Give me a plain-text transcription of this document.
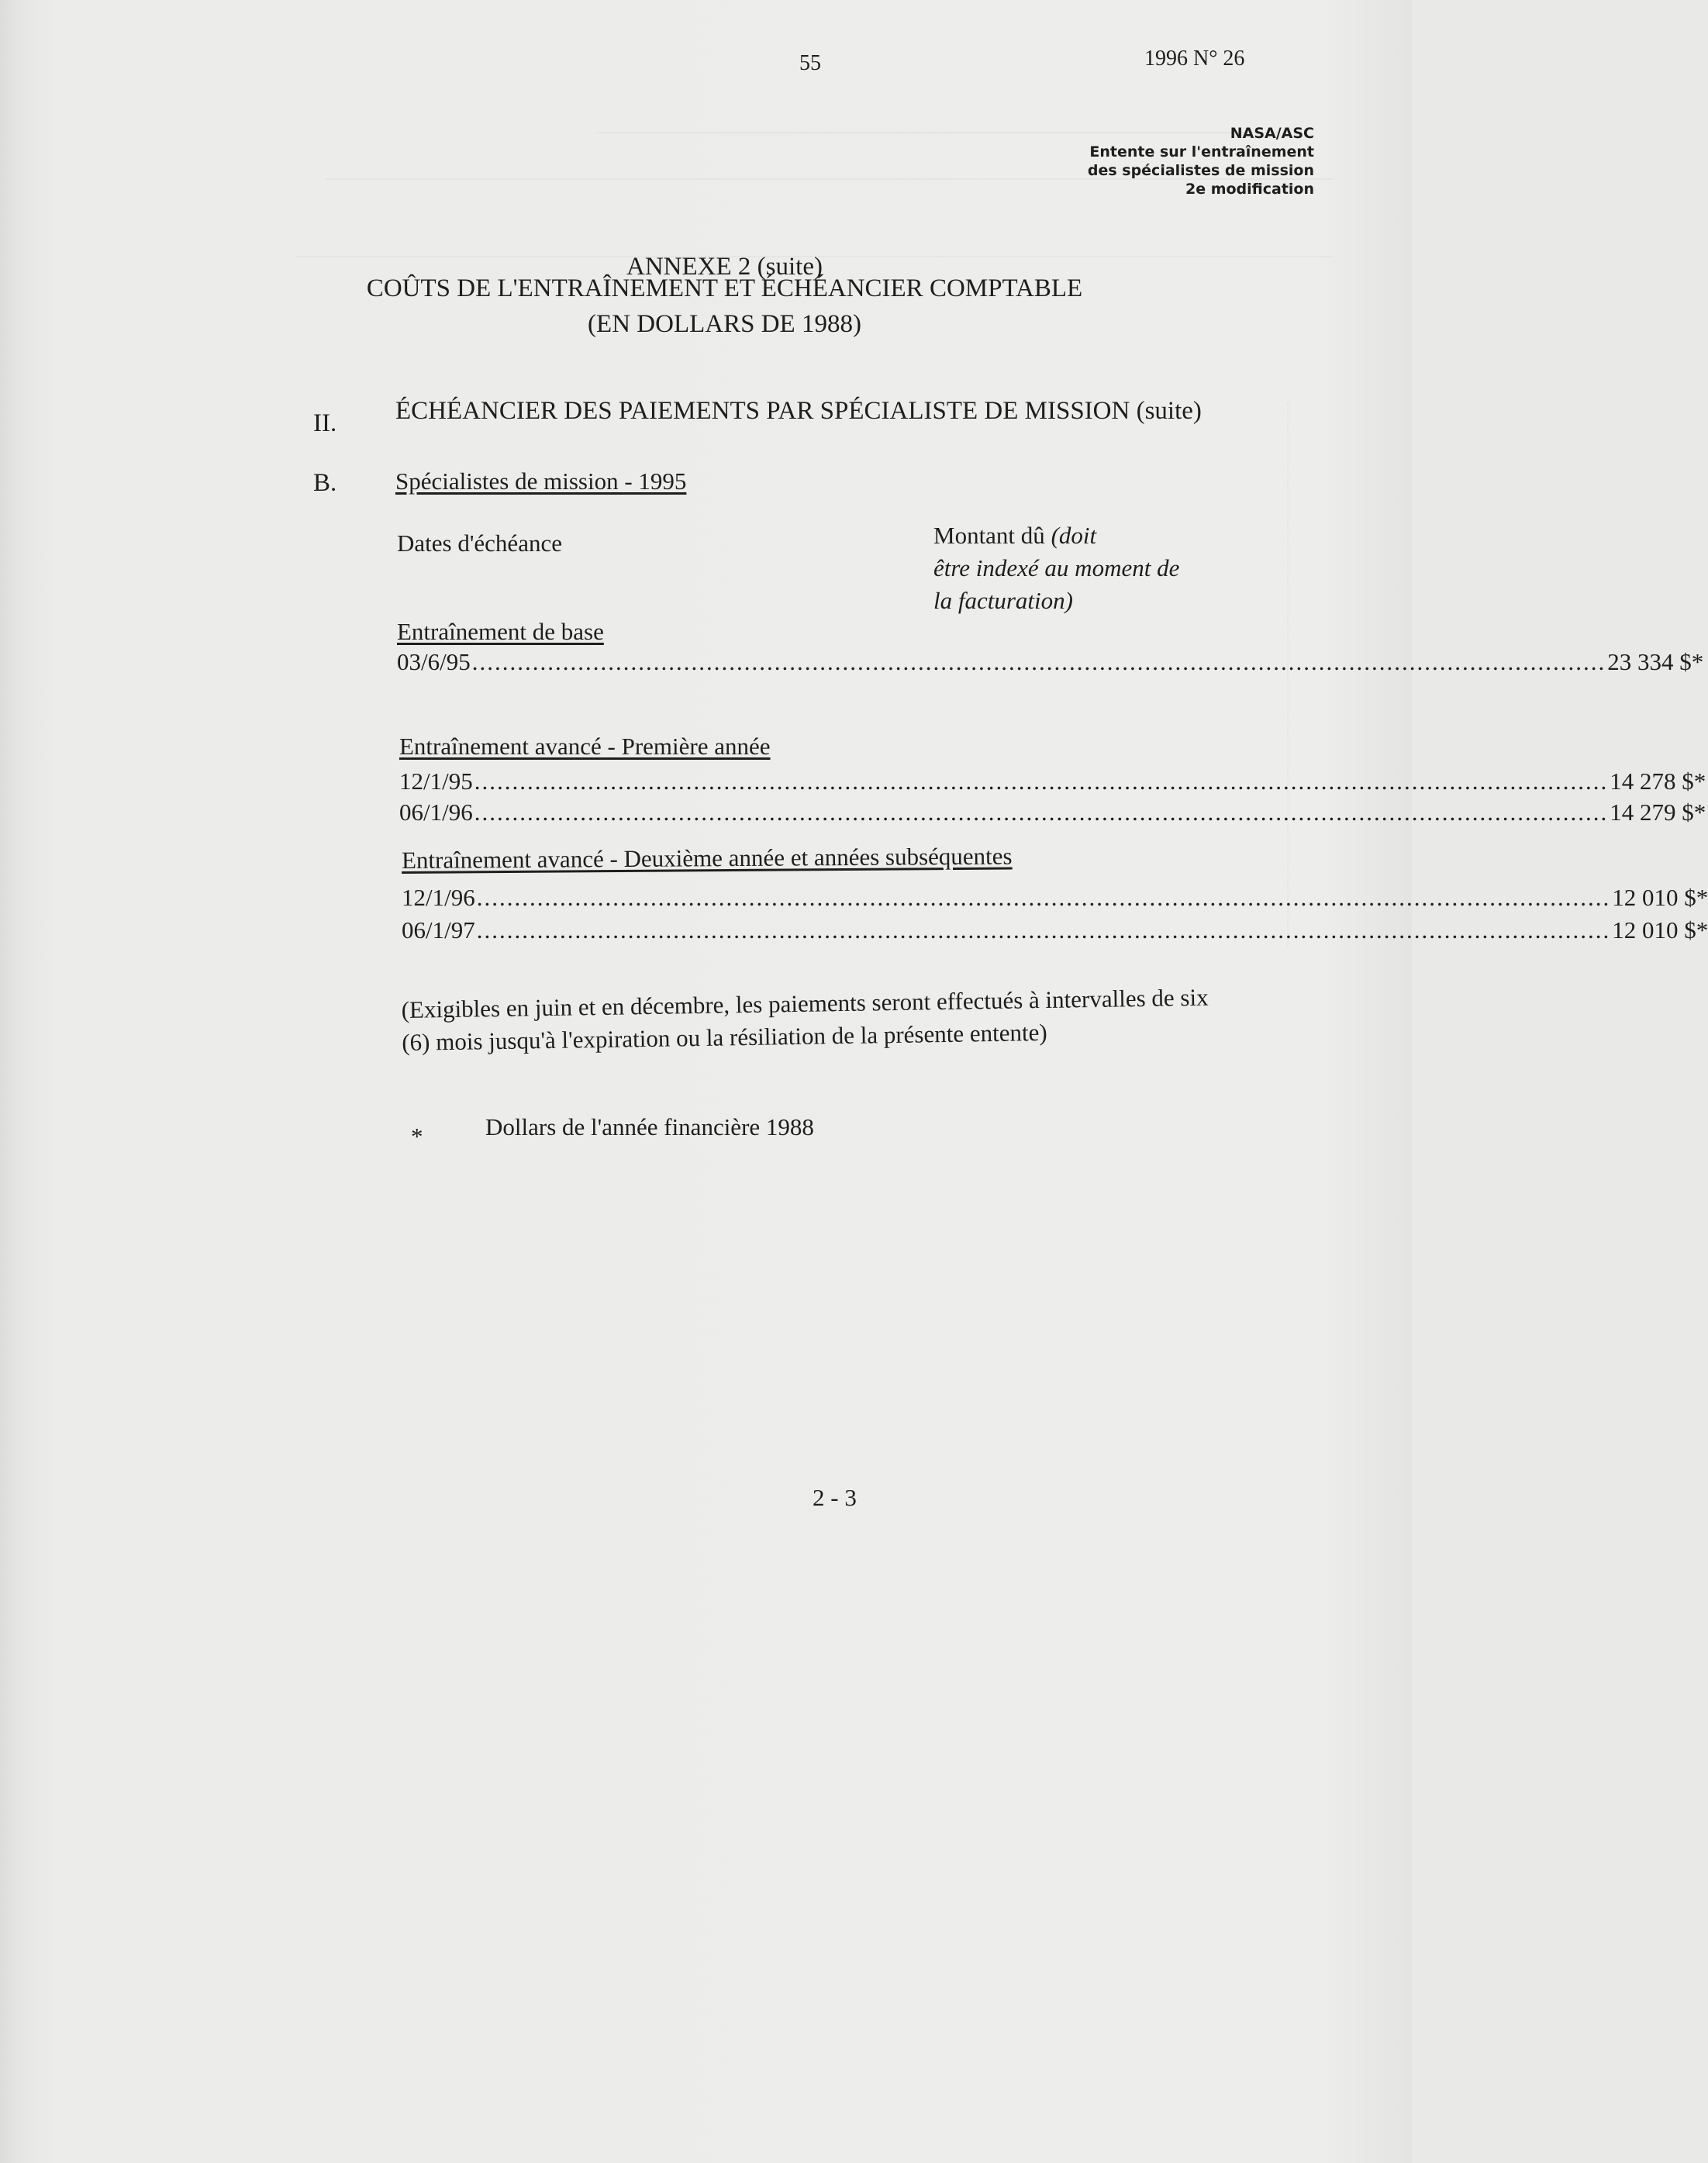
55	1996 N° 26
NASA/ASC
Entente sur l'entraînement
des spécialistes de mission
2e modification
ANNEXE 2 (suite)
COÛTS DE L'ENTRAÎNEMENT ET ÉCHÉANCIER COMPTABLE
(EN DOLLARS DE 1988)
II. ÉCHÉANCIER DES PAIEMENTS PAR SPÉCIALISTE DE MISSION (suite)
B. Spécialistes de mission - 1995
Dates d'échéance	Montant dû (doit
être indexé au moment de
la facturation)
Entraînement de base
03/6/95 ...................................................................................................................................................... 23 334 $*
Entraînement avancé - Première année
12/1/95 ...................................................................................................................................................... 14 278 $*
06/1/96 ...................................................................................................................................................... 14 279 $*
Entraînement avancé - Deuxième année et années subséquentes
12/1/96 ...................................................................................................................................................... 12 010 $*
06/1/97 ...................................................................................................................................................... 12 010 $*
(Exigibles en juin et en décembre, les paiements seront effectués à intervalles de six
(6) mois jusqu'à l'expiration ou la résiliation de la présente entente)
*	Dollars de l'année financière 1988
2 - 3
